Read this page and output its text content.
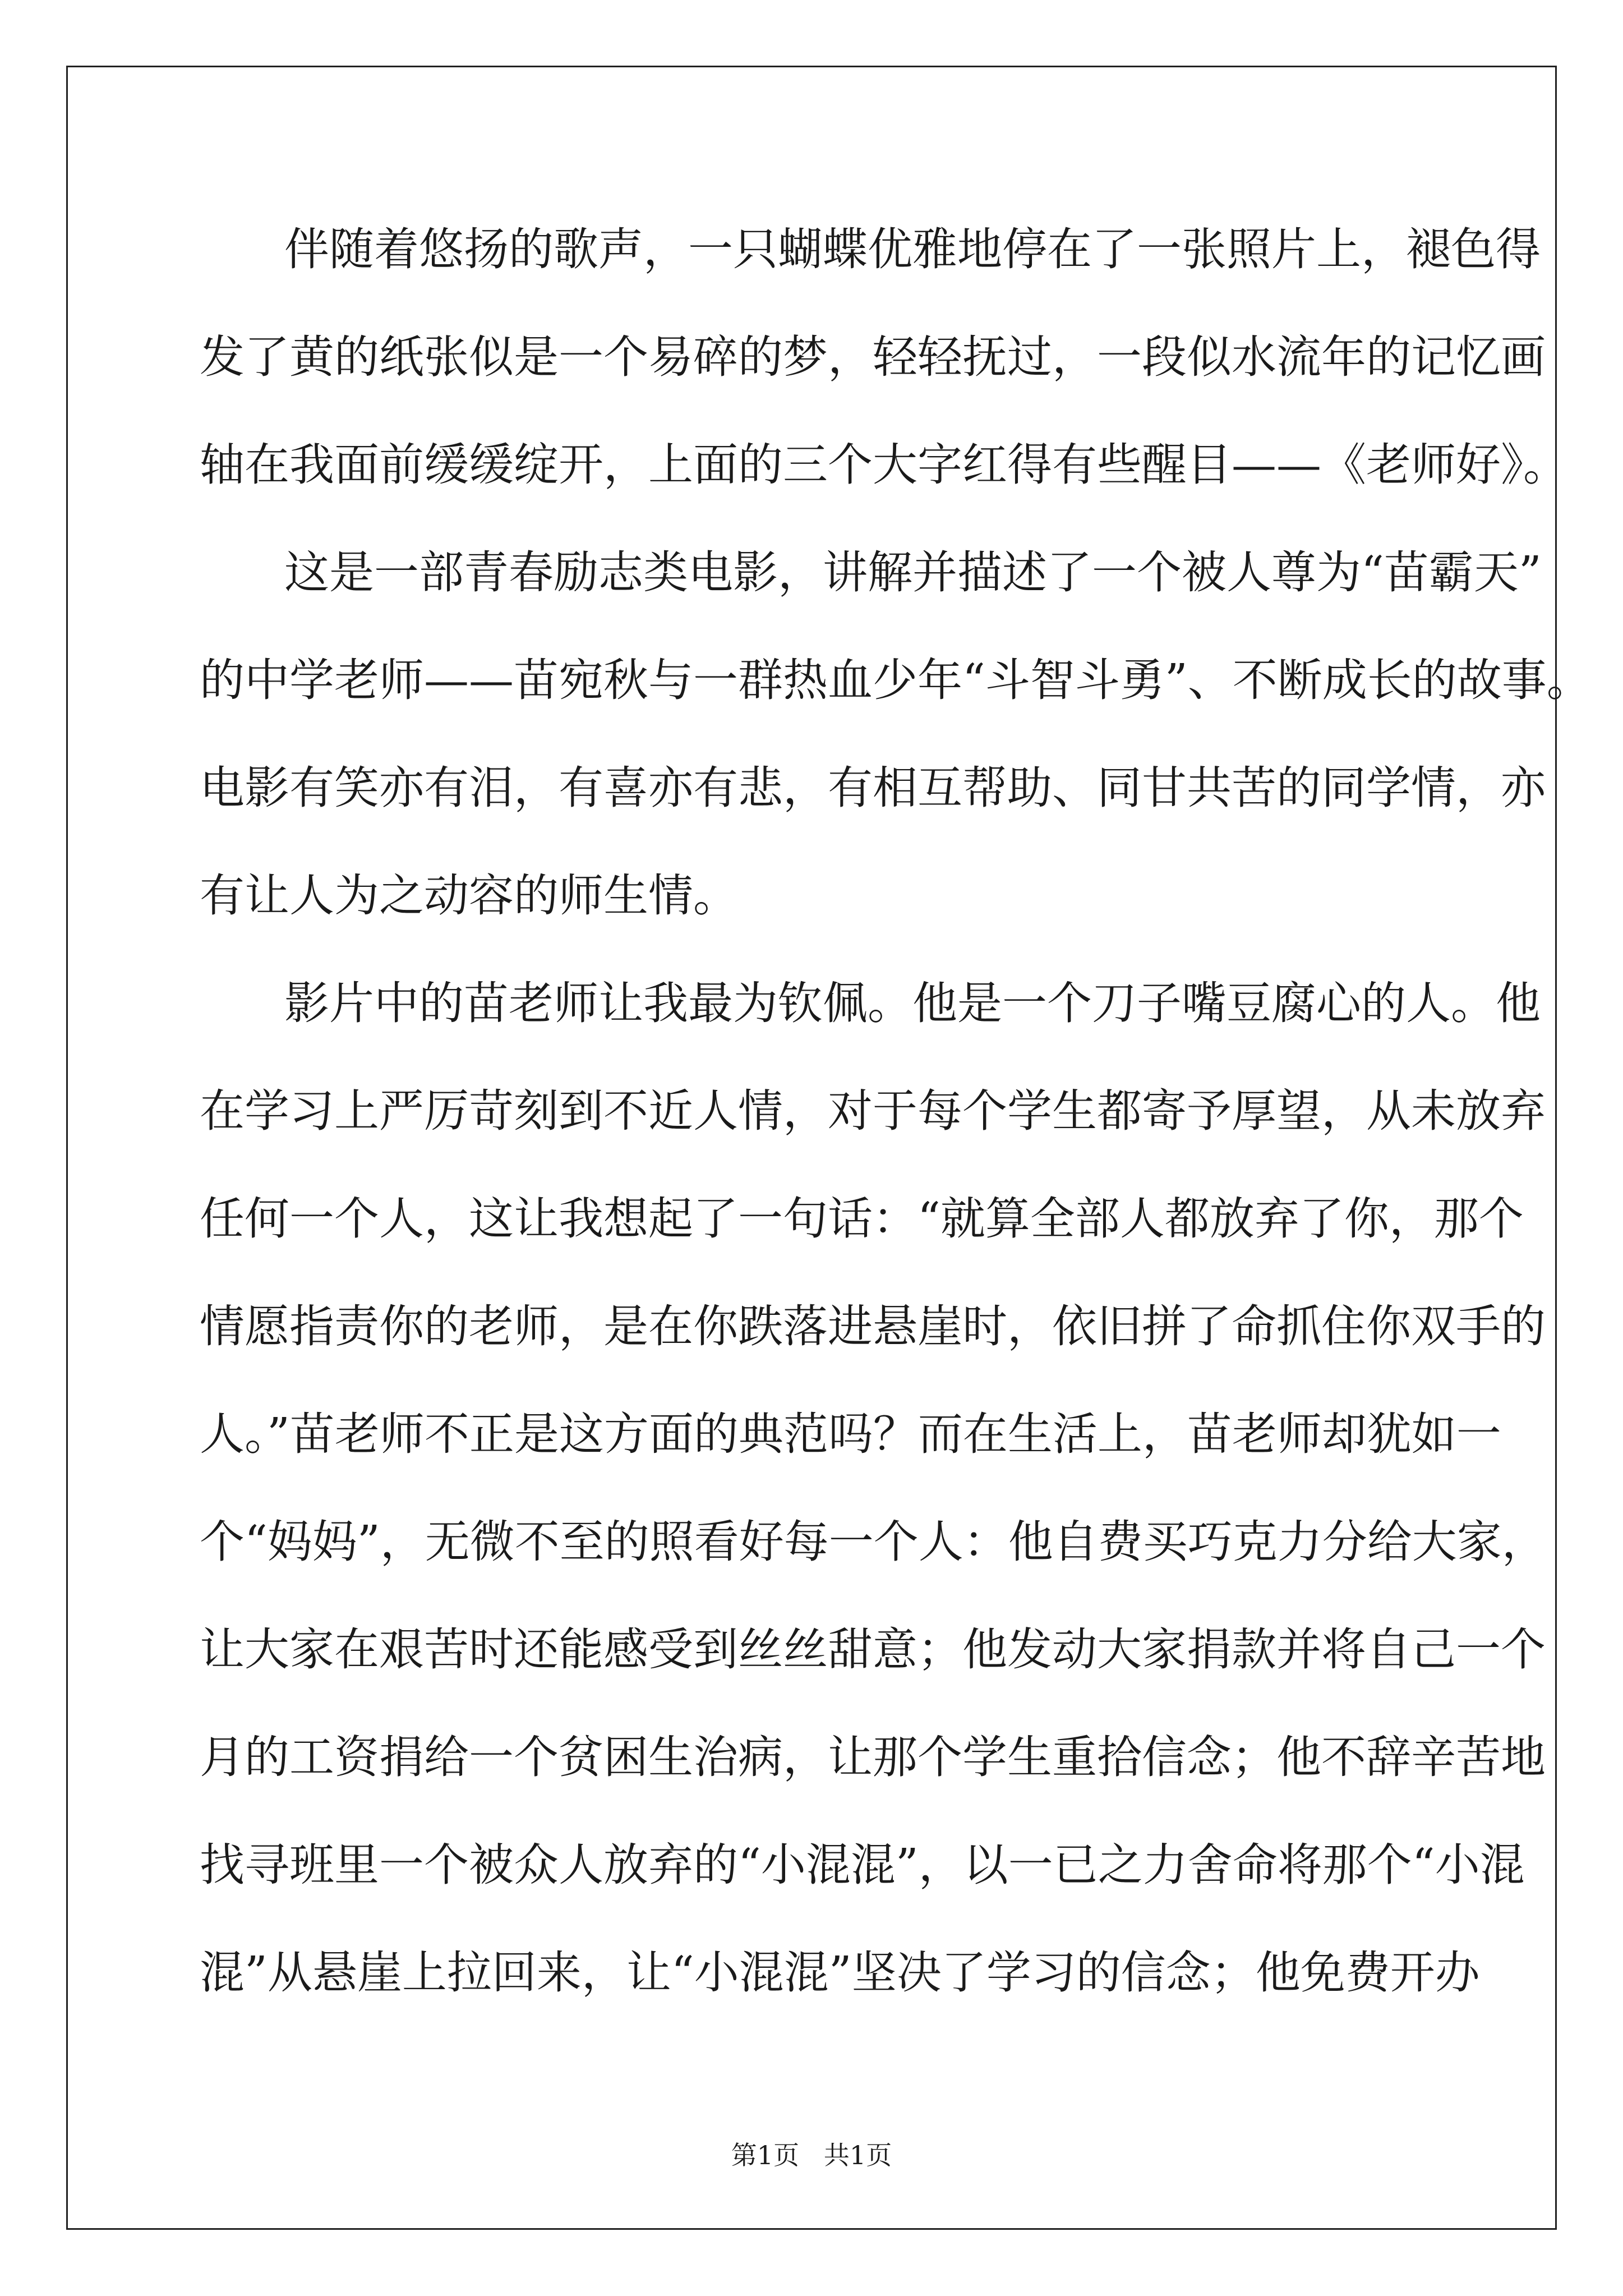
伴随着悠扬的歌声，一只蝴蝶优雅地停在了一张照片上，褪色得
发了黄的纸张似是一个易碎的梦，轻轻抚过，一段似水流年的记忆画
轴在我面前缓缓绽开，上面的三个大字红得有些醒目——《老师好》。
这是一部青春励志类电影，讲解并描述了一个被人尊为“苗霸天”
的中学老师——苗宛秋与一群热血少年“斗智斗勇”、不断成长的故事。
电影有笑亦有泪，有喜亦有悲，有相互帮助、同甘共苦的同学情，亦
有让人为之动容的师生情。
影片中的苗老师让我最为钦佩。他是一个刀子嘴豆腐心的人。他
在学习上严厉苛刻到不近人情，对于每个学生都寄予厚望，从未放弃
任何一个人，这让我想起了一句话：“就算全部人都放弃了你，那个
情愿指责你的老师，是在你跌落进悬崖时，依旧拼了命抓住你双手的
人。”苗老师不正是这方面的典范吗？而在生活上，苗老师却犹如一
个“妈妈”，无微不至的照看好每一个人：他自费买巧克力分给大家，
让大家在艰苦时还能感受到丝丝甜意；他发动大家捐款并将自己一个
月的工资捐给一个贫困生治病，让那个学生重拾信念；他不辞辛苦地
找寻班里一个被众人放弃的“小混混”，以一已之力舍命将那个“小混
混”从悬崖上拉回来，让“小混混”坚决了学习的信念；他免费开办
第1页   共1页
